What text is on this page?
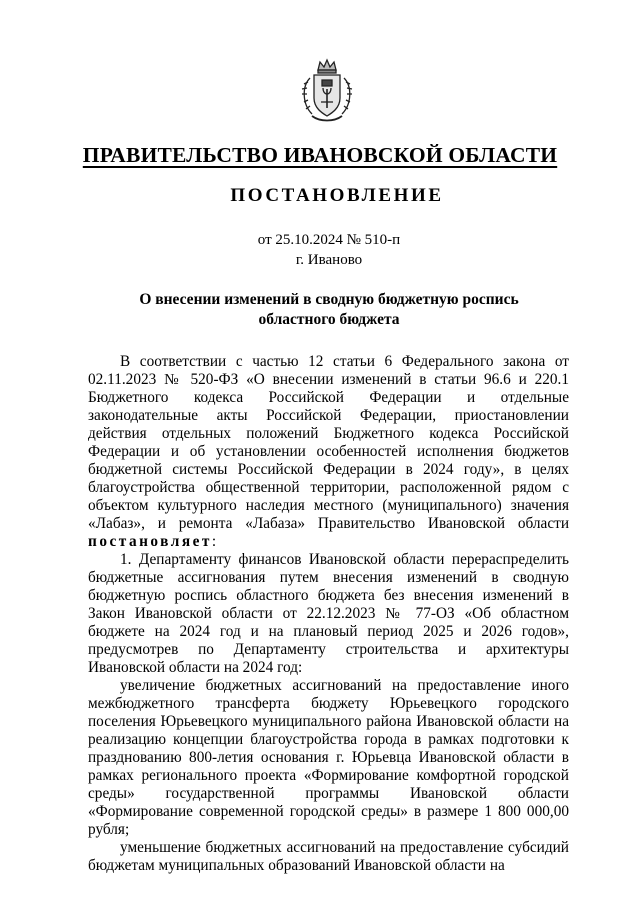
ПРАВИТЕЛЬСТВО ИВАНОВСКОЙ ОБЛАСТИ
ПОСТАНОВЛЕНИЕ
от 25.10.2024 № 510-п
г. Иваново
О внесении изменений в сводную бюджетную роспись
областного бюджета

В соответствии с частью 12 статьи 6 Федерального закона от 02.11.2023 № 520-ФЗ «О внесении изменений в статьи 96.6 и 220.1 Бюджетного кодекса Российской Федерации и отдельные законодательные акты Российской Федерации, приостановлении действия отдельных положений Бюджетного кодекса Российской Федерации и об установлении особенностей исполнения бюджетов бюджетной системы Российской Федерации в 2024 году», в целях благоустройства общественной территории, расположенной рядом с объектом культурного наследия местного (муниципального) значения «Лабаз», и ремонта «Лабаза» Правительство Ивановской области постановляет:

1. Департаменту финансов Ивановской области перераспределить бюджетные ассигнования путем внесения изменений в сводную бюджетную роспись областного бюджета без внесения изменений в Закон Ивановской области от 22.12.2023 № 77-ОЗ «Об областном бюджете на 2024 год и на плановый период 2025 и 2026 годов», предусмотрев по Департаменту строительства и архитектуры Ивановской области на 2024 год:

увеличение бюджетных ассигнований на предоставление иного межбюджетного трансферта бюджету Юрьевецкого городского поселения Юрьевецкого муниципального района Ивановской области на реализацию концепции благоустройства города в рамках подготовки к празднованию 800-летия основания г. Юрьевца Ивановской области в рамках регионального проекта «Формирование комфортной городской среды» государственной программы Ивановской области «Формирование современной городской среды» в размере 1 800 000,00 рубля;

уменьшение бюджетных ассигнований на предоставление субсидий бюджетам муниципальных образований Ивановской области на
